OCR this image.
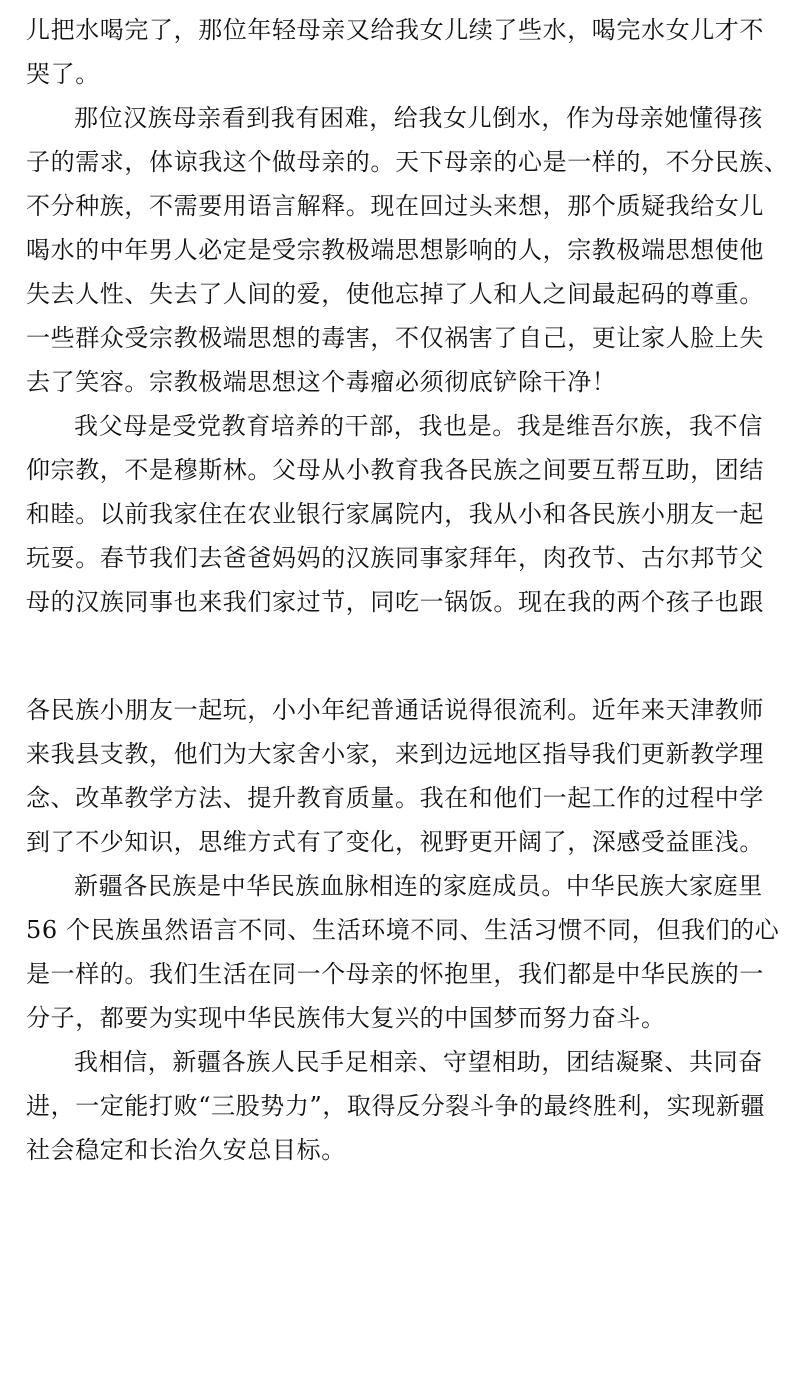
儿把水喝完了，那位年轻母亲又给我女儿续了些水，喝完水女儿才不
哭了。
那位汉族母亲看到我有困难，给我女儿倒水，作为母亲她懂得孩
子的需求，体谅我这个做母亲的。天下母亲的心是一样的，不分民族、
不分种族，不需要用语言解释。现在回过头来想，那个质疑我给女儿
喝水的中年男人必定是受宗教极端思想影响的人，宗教极端思想使他
失去人性、失去了人间的爱，使他忘掉了人和人之间最起码的尊重。
一些群众受宗教极端思想的毒害，不仅祸害了自己，更让家人脸上失
去了笑容。宗教极端思想这个毒瘤必须彻底铲除干净！
我父母是受党教育培养的干部，我也是。我是维吾尔族，我不信
仰宗教，不是穆斯林。父母从小教育我各民族之间要互帮互助，团结
和睦。以前我家住在农业银行家属院内，我从小和各民族小朋友一起
玩耍。春节我们去爸爸妈妈的汉族同事家拜年，肉孜节、古尔邦节父
母的汉族同事也来我们家过节，同吃一锅饭。现在我的两个孩子也跟
各民族小朋友一起玩，小小年纪普通话说得很流利。近年来天津教师
来我县支教，他们为大家舍小家，来到边远地区指导我们更新教学理
念、改革教学方法、提升教育质量。我在和他们一起工作的过程中学
到了不少知识，思维方式有了变化，视野更开阔了，深感受益匪浅。
新疆各民族是中华民族血脉相连的家庭成员。中华民族大家庭里
56 个民族虽然语言不同、生活环境不同、生活习惯不同，但我们的心
是一样的。我们生活在同一个母亲的怀抱里，我们都是中华民族的一
分子，都要为实现中华民族伟大复兴的中国梦而努力奋斗。
我相信，新疆各族人民手足相亲、守望相助，团结凝聚、共同奋
进，一定能打败“三股势力”，取得反分裂斗争的最终胜利，实现新疆
社会稳定和长治久安总目标。
